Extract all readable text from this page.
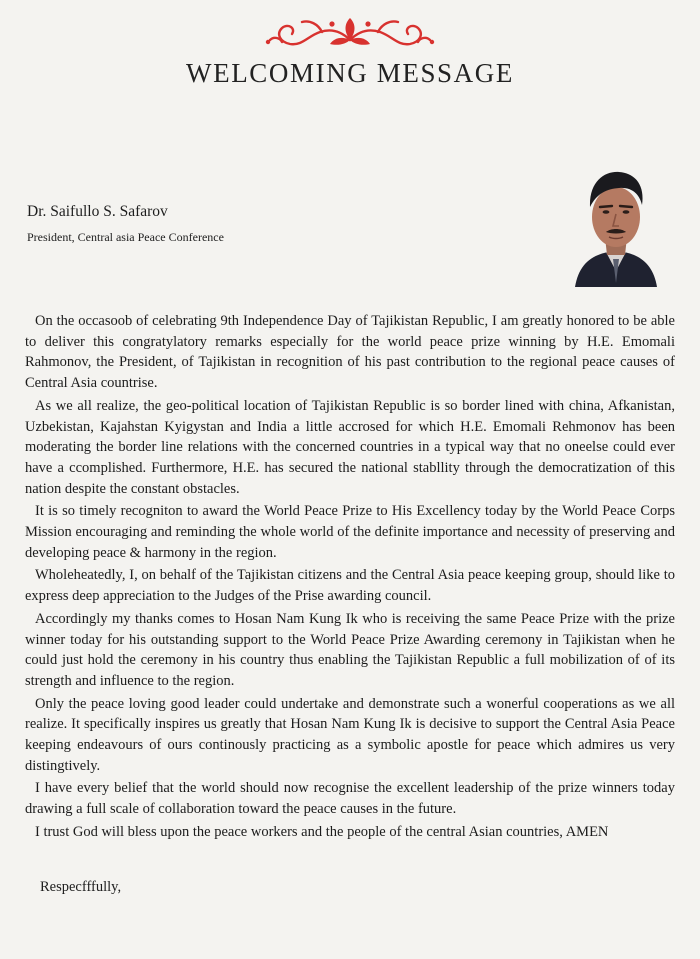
WELCOMING MESSAGE
Dr. Saifullo S. Safarov
President, Central asia Peace Conference

On the occasoob of celebrating 9th Independence Day of Tajikistan Republic, I am greatly honored to be able to deliver this congratylatory remarks especially for the world peace prize winning by H.E. Emomali Rahmonov, the President, of Tajikistan in recognition of his past contribution to the regional peace causes of Central Asia countrise.

As we all realize, the geo-political location of Tajikistan Republic is so border lined with china, Afkanistan, Uzbekistan, Kajahstan Kyigystan and India a little accrosed for which H.E. Emomali Rehmonov has been moderating the border line relations with the concerned countries in a typical way that no oneelse could ever have a ccomplished. Furthermore, H.E. has secured the national stabllity through the democratization of this nation despite the constant obstacles.

It is so timely recogniton to award the World Peace Prize to His Excellency today by the World Peace Corps Mission encouraging and reminding the whole world of the definite importance and necessity of preserving and developing peace & harmony in the region.

Wholeheatedly, I, on behalf of the Tajikistan citizens and the Central Asia peace keeping group, should like to express deep appreciation to the Judges of the Prise awarding council.

Accordingly my thanks comes to Hosan Nam Kung Ik who is receiving the same Peace Prize with the prize winner today for his outstanding support to the World Peace Prize Awarding ceremony in Tajikistan when he could just hold the ceremony in his country thus enabling the Tajikistan Republic a full mobilization of of its strength and influence to the region.

Only the peace loving good leader could undertake and demonstrate such a wonerful cooperations as we all realize. It specifically inspires us greatly that Hosan Nam Kung Ik is decisive to support the Central Asia Peace keeping endeavours of ours continously practicing as a symbolic apostle for peace which admires us very distingtively.

I have every belief that the world should now recognise the excellent leadership of the prize winners today drawing a full scale of collaboration toward the peace causes in the future.

I trust God will bless upon the peace workers and the people of the central Asian countries, AMEN

Respecfffully,
